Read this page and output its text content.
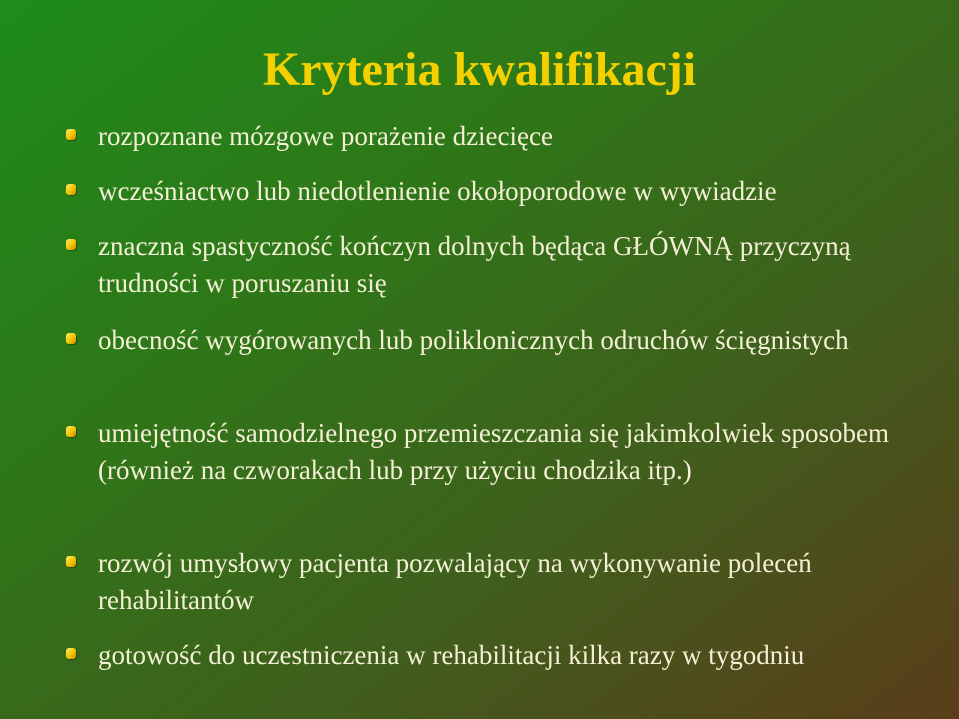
Kryteria kwalifikacji

rozpoznane mózgowe porażenie dziecięce

wcześniactwo lub niedotlenienie okołoporodowe w wywiadzie

znaczna spastyczność kończyn dolnych będąca GŁÓWNĄ przyczyną trudności w poruszaniu się

obecność wygórowanych lub poliklonicznych odruchów ścięgnistych

umiejętność samodzielnego przemieszczania się jakimkolwiek sposobem (również na czworakach lub przy użyciu chodzika itp.)

rozwój umysłowy pacjenta pozwalający na wykonywanie poleceń rehabilitantów

gotowość do uczestniczenia w rehabilitacji kilka razy w tygodniu
